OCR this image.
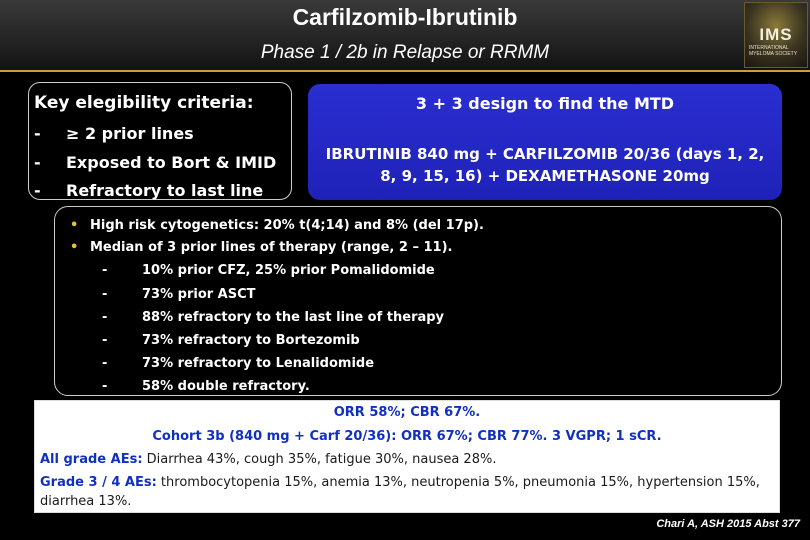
Carfilzomib-Ibrutinib
Phase 1 / 2b in Relapse or RRMM
IMS
INTERNATIONAL MYELOMA SOCIETY
Key elegibility criteria:
- ≥ 2 prior lines
- Exposed to Bort & IMID
- Refractory to last line
3 + 3 design to find the MTD
IBRUTINIB 840 mg + CARFILZOMIB 20/36 (days 1, 2, 8, 9, 15, 16) + DEXAMETHASONE 20mg
• High risk cytogenetics: 20% t(4;14) and 8% (del 17p).
• Median of 3 prior lines of therapy (range, 2 – 11).
-	10% prior CFZ, 25% prior Pomalidomide
-	73% prior ASCT
-	88% refractory to the last line of therapy
-	73% refractory to Bortezomib
-	73% refractory to Lenalidomide
-	58% double refractory.
ORR 58%; CBR 67%.
Cohort 3b (840 mg + Carf 20/36): ORR 67%; CBR 77%. 3 VGPR; 1 sCR.
All grade AEs: Diarrhea 43%, cough 35%, fatigue 30%, nausea 28%.
Grade 3 / 4 AEs: thrombocytopenia 15%, anemia 13%, neutropenia 5%, pneumonia 15%, hypertension 15%,
diarrhea 13%.
Chari A, ASH 2015 Abst 377
